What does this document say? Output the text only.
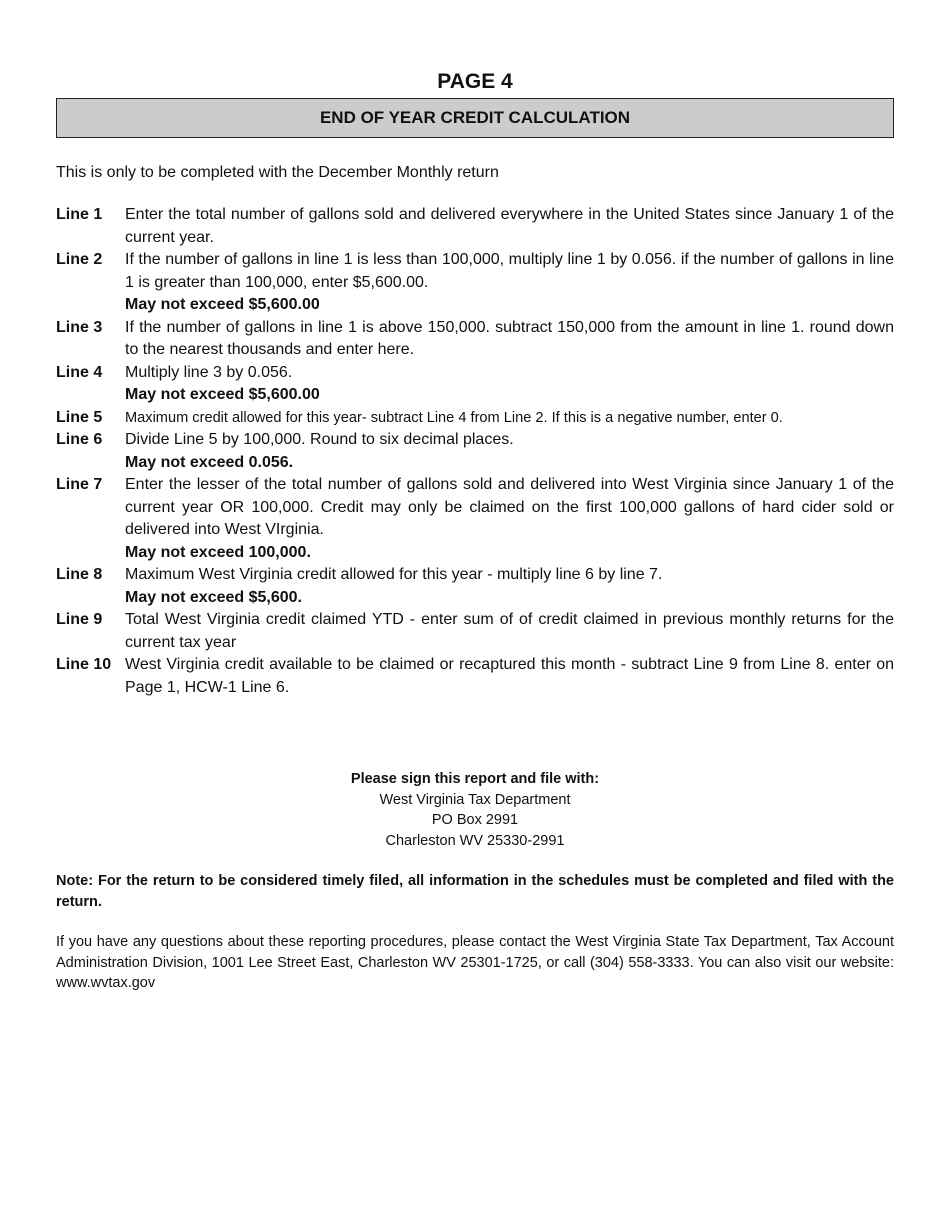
PAGE 4
END OF YEAR CREDIT CALCULATION
This is only to be completed with the December Monthly return
Line 1	Enter the total number of gallons sold and delivered everywhere in the United States since January 1 of the current year.
Line 2	If the number of gallons in line 1 is less than 100,000, multiply line 1 by 0.056. if the number of gallons in line 1 is greater than 100,000, enter $5,600.00.
May not exceed $5,600.00
Line 3	If the number of gallons in line 1 is above 150,000. subtract 150,000 from the amount in line 1. round down to the nearest thousands and enter here.
Line 4	Multiply line 3 by 0.056.
May not exceed $5,600.00
Line 5	Maximum credit allowed for this year- subtract Line 4 from Line 2. If this is a negative number, enter 0.
Line 6	Divide Line 5 by 100,000. Round to six decimal places.
May not exceed 0.056.
Line 7	Enter the lesser of the total number of gallons sold and delivered into West Virginia since January 1 of the current year OR 100,000. Credit may only be claimed on the first 100,000 gallons of hard cider sold or delivered into West VIrginia.
May not exceed 100,000.
Line 8	Maximum West Virginia credit allowed for this year - multiply line 6 by line 7.
May not exceed $5,600.
Line 9	Total West Virginia credit claimed YTD - enter sum of of credit claimed in previous monthly returns for the current tax year
Line 10 West Virginia credit available to be claimed or recaptured this month - subtract Line 9 from Line 8. enter on Page 1, HCW-1 Line 6.
Please sign this report and file with:
West Virginia Tax Department
PO Box 2991
Charleston WV 25330-2991
Note: For the return to be considered timely filed, all information in the schedules must be completed and filed with the return.
If you have any questions about these reporting procedures, please contact the West Virginia State Tax Department, Tax Account Administration Division, 1001 Lee Street East, Charleston WV 25301-1725, or call (304) 558-3333. You can also visit our website: www.wvtax.gov
